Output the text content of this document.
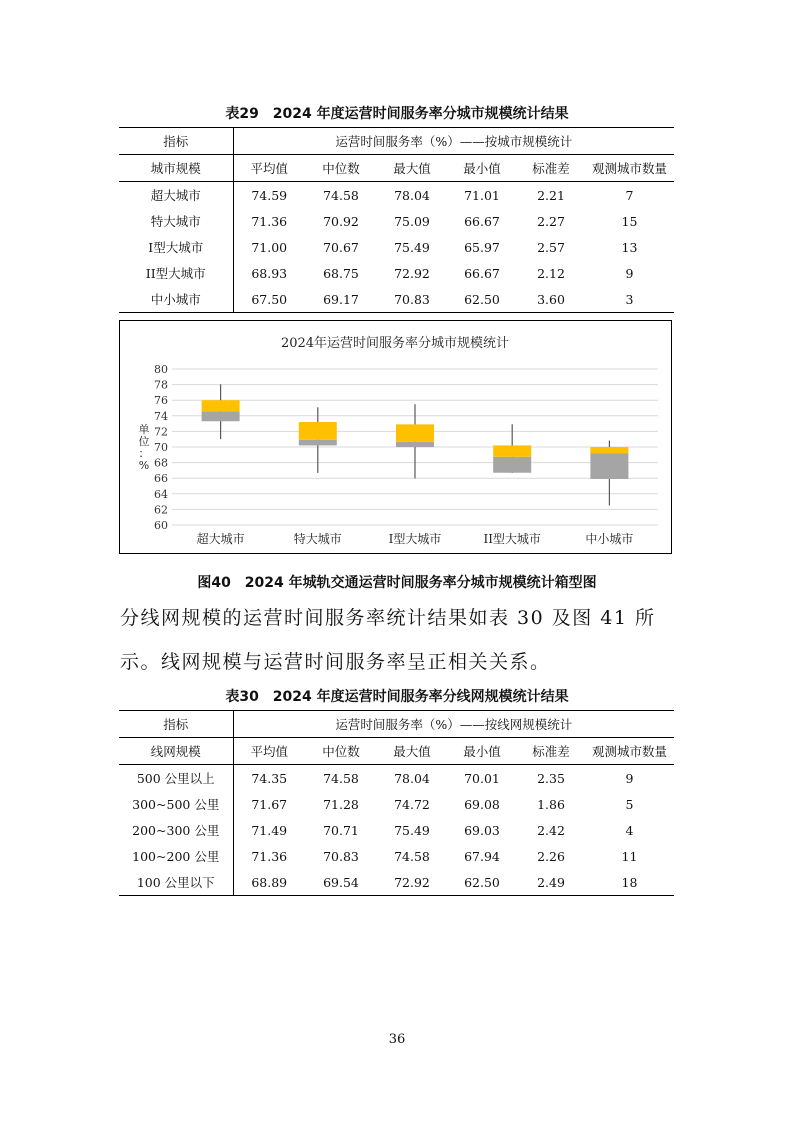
表29　2024 年度运营时间服务率分城市规模统计结果
指标	运营时间服务率（%）——按城市规模统计					
城市规模	平均值	中位数	最大值	最小值	标准差	观测城市数量
超大城市	74.59	74.58	78.04	71.01	2.21	7
特大城市	71.36	70.92	75.09	66.67	2.27	15
I型大城市	71.00	70.67	75.49	65.97	2.57	13
II型大城市	68.93	68.75	72.92	66.67	2.12	9
中小城市	67.50	69.17	70.83	62.50	3.60	3
2024年运营时间服务率分城市规模统计
60
62
64
66
68
70
72
74
76
78
80
单位：%
超大城市	特大城市	I型大城市	II型大城市	中小城市
图40　2024 年城轨交通运营时间服务率分城市规模统计箱型图
分线网规模的运营时间服务率统计结果如表 30 及图 41 所
示。线网规模与运营时间服务率呈正相关关系。
表30　2024 年度运营时间服务率分线网规模统计结果
指标	运营时间服务率（%）——按线网规模统计					
线网规模	平均值	中位数	最大值	最小值	标准差	观测城市数量
500 公里以上	74.35	74.58	78.04	70.01	2.35	9
300~500 公里	71.67	71.28	74.72	69.08	1.86	5
200~300 公里	71.49	70.71	75.49	69.03	2.42	4
100~200 公里	71.36	70.83	74.58	67.94	2.26	11
100 公里以下	68.89	69.54	72.92	62.50	2.49	18
36
